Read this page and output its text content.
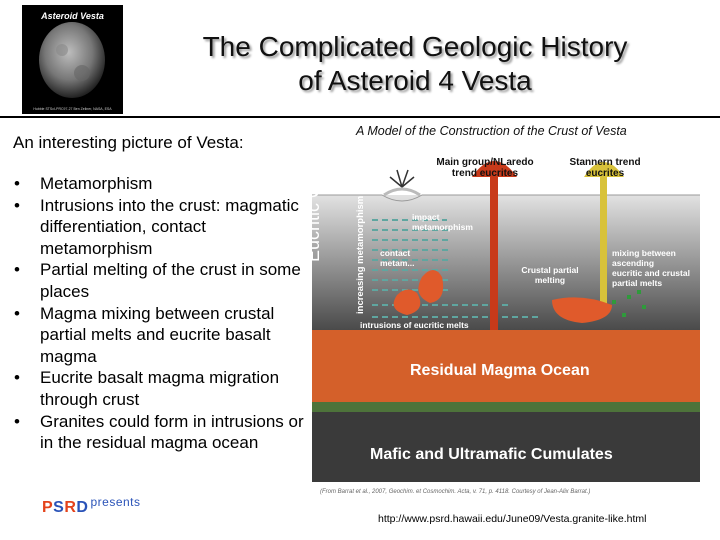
Asteroid Vesta
Hubble STScI-PRC97-27 Ben Zellner, NASA, ESA
The Complicated Geologic History
of Asteroid 4 Vesta
An interesting picture of Vesta:
• Metamorphism
• Intrusions into the crust: magmatic differentiation, contact metamorphism
• Partial melting of the crust in some places
• Magma mixing between crustal partial melts and eucrite basalt magma
• Eucrite basalt magma migration through crust
• Granites could form in intrusions or in the residual magma ocean
PSRD $^{presents}$
A Model of the Construction of the Crust of Vesta
Main group/NLaredo
trend eucrites
Stannern trend
eucrites
impact
metamorphism
contact
metam...
Crustal partial
melting
mixing between
ascending
eucritic and crustal
partial melts
intrusions of eucritic melts
Eucritic Crust	increasing metamorphism
Residual Magma Ocean
Mafic and Ultramafic Cumulates
(From Barrat et al., 2007, Geochim. et Cosmochim. Acta, v. 71, p. 4118. Courtesy of Jean-Alix Barrat.)
http://www.psrd.hawaii.edu/June09/Vesta.granite-like.html
